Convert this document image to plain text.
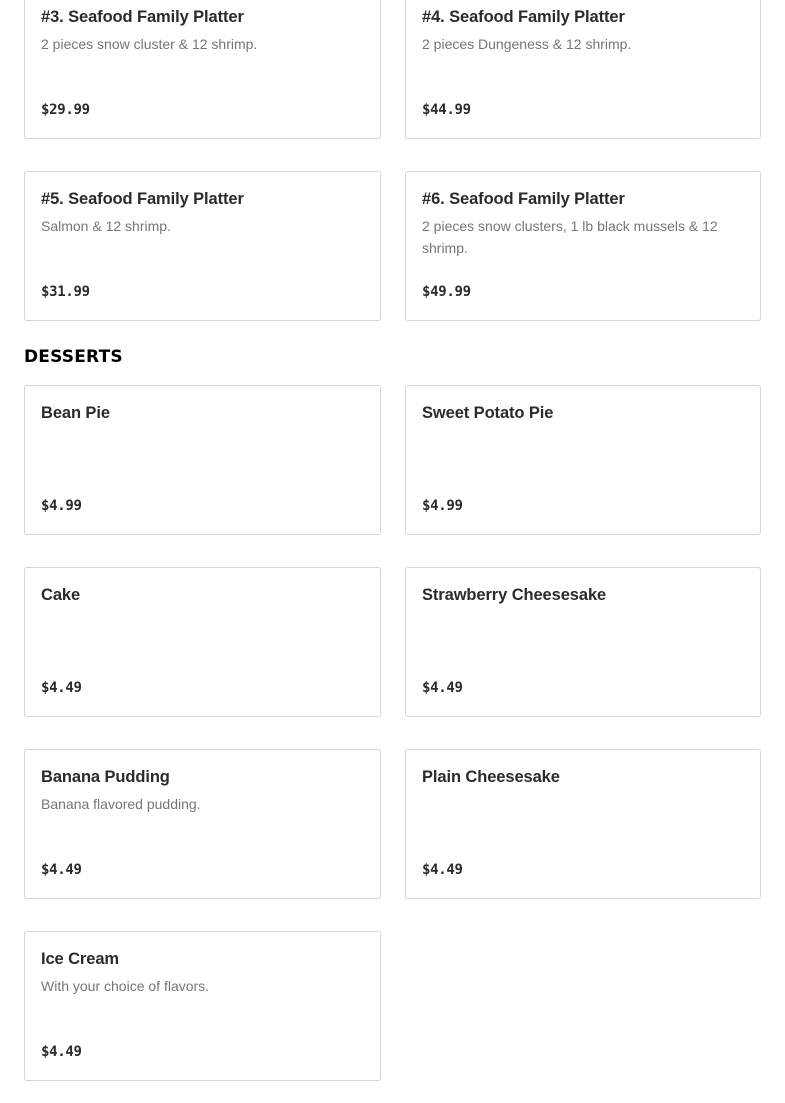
#3. Seafood Family Platter
2 pieces snow cluster & 12 shrimp.
$29.99
#4. Seafood Family Platter
2 pieces Dungeness & 12 shrimp.
$44.99
#5. Seafood Family Platter
Salmon & 12 shrimp.
$31.99
#6. Seafood Family Platter
2 pieces snow clusters, 1 lb black mussels & 12 shrimp.
$49.99
DESSERTS
Bean Pie
$4.99
Sweet Potato Pie
$4.99
Cake
$4.49
Strawberry Cheesesake
$4.49
Banana Pudding
Banana flavored pudding.
$4.49
Plain Cheesesake
$4.49
Ice Cream
With your choice of flavors.
$4.49
